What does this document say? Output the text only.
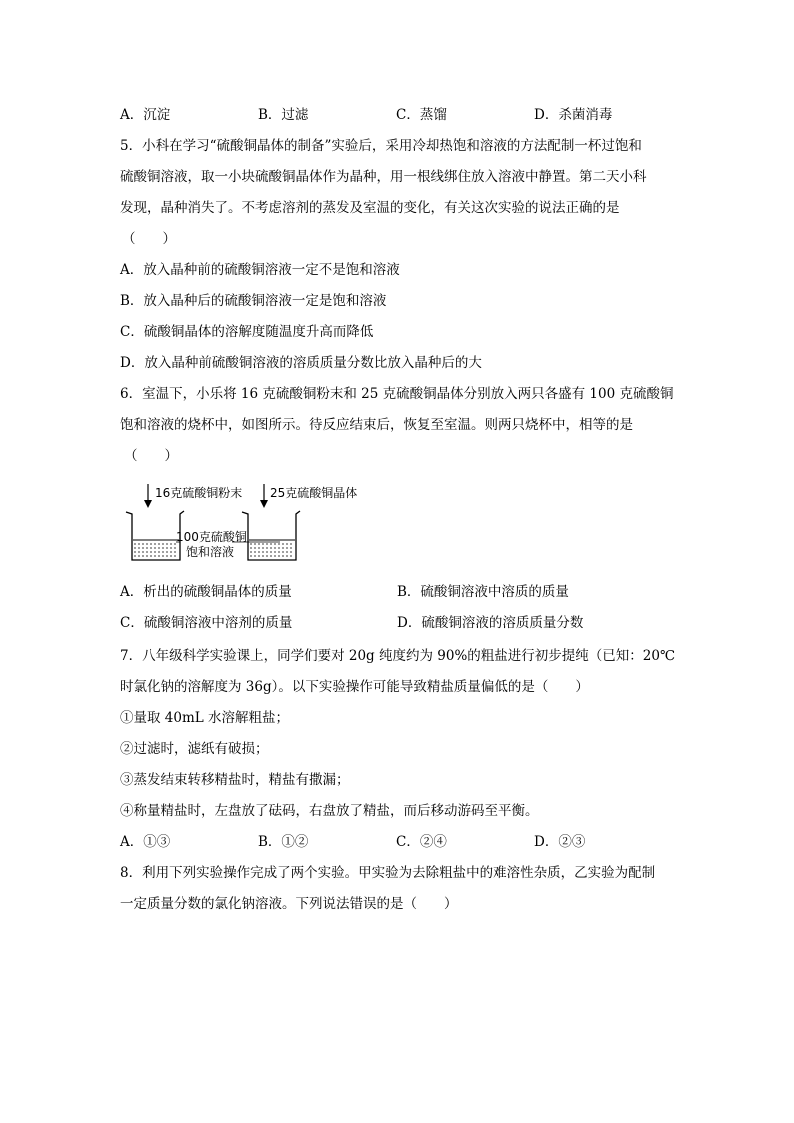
A．沉淀	B．过滤	C．蒸馏	D．杀菌消毒
5．小科在学习“硫酸铜晶体的制备”实验后，采用冷却热饱和溶液的方法配制一杯过饱和
硫酸铜溶液，取一小块硫酸铜晶体作为晶种，用一根线绑住放入溶液中静置。第二天小科
发现，晶种消失了。不考虑溶剂的蒸发及室温的变化，有关这次实验的说法正确的是
（　　）
A．放入晶种前的硫酸铜溶液一定不是饱和溶液
B．放入晶种后的硫酸铜溶液一定是饱和溶液
C．硫酸铜晶体的溶解度随温度升高而降低
D．放入晶种前硫酸铜溶液的溶质质量分数比放入晶种后的大
6．室温下，小乐将 16 克硫酸铜粉末和 25 克硫酸铜晶体分别放入两只各盛有 100 克硫酸铜
饱和溶液的烧杯中，如图所示。待反应结束后，恢复至室温。则两只烧杯中，相等的是
（　　）
16克硫酸铜粉末 25克硫酸铜晶体
100克硫酸铜
饱和溶液
A．析出的硫酸铜晶体的质量	B．硫酸铜溶液中溶质的质量
C．硫酸铜溶液中溶剂的质量	D．硫酸铜溶液的溶质质量分数
7．八年级科学实验课上，同学们要对 20g 纯度约为 90%的粗盐进行初步提纯（已知：20℃
时氯化钠的溶解度为 36g）。以下实验操作可能导致精盐质量偏低的是（　　）
①量取 40mL 水溶解粗盐；
②过滤时，滤纸有破损；
③蒸发结束转移精盐时，精盐有撒漏；
④称量精盐时，左盘放了砝码，右盘放了精盐，而后移动游码至平衡。
A．①③	B．①②	C．②④	D．②③
8．利用下列实验操作完成了两个实验。甲实验为去除粗盐中的难溶性杂质，乙实验为配制
一定质量分数的氯化钠溶液。下列说法错误的是（　　）
